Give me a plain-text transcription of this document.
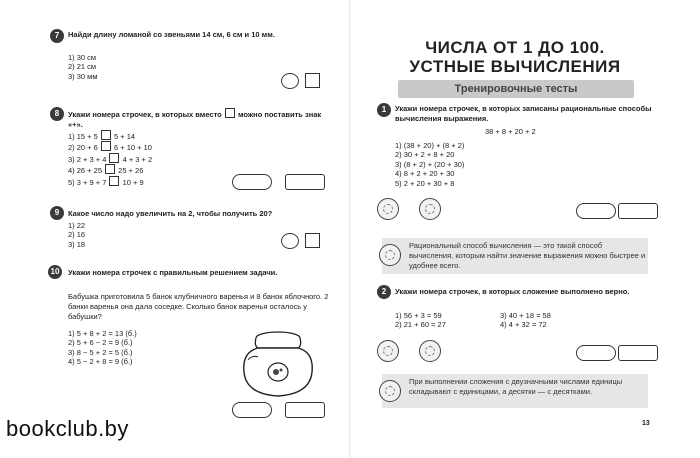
7	Найди длину ломаной со звеньями 14 см, 6 см и 10 мм.
1) 30 см
2) 21 см
3) 30 мм
8	Укажи номера строчек, в которых вместо можно поставить знак «+».
1) 15 + 5 5 + 14
2) 20 + 6 6 + 10 + 10
3) 2 + 3 + 4 4 + 3 + 2
4) 26 + 25 25 + 26
5) 3 + 9 + 7 10 + 9
9	Какое число надо увеличить на 2, чтобы получить 20?
1) 22
2) 16
3) 18
10	Укажи номера строчек с правильным решением задачи.
Бабушка приготовила 5 банок клубничного варенья и 8 банок яблочного. 2 банки варенья она дала соседке. Сколько банок варенья осталось у бабушки?
1) 5 + 8 + 2 = 13 (б.)
2) 5 + 6 − 2 = 9 (б.)
3) 8 − 5 + 2 = 5 (б.)
4) 5 − 2 + 8 = 9 (б.)
bookclub.by
ЧИСЛА ОТ 1 ДО 100.
УСТНЫЕ ВЫЧИСЛЕНИЯ
Тренировочные тесты
1	Укажи номера строчек, в которых записаны рациональные способы вычисления выражения.
38 + 8 + 20 + 2
1) (38 + 20) + (8 + 2)
2) 30 + 2 + 8 + 20
3) (8 + 2) + (20 + 30)
4) 8 + 2 + 20 + 30
5) 2 + 20 + 30 + 8
Рациональный способ вычисления — это такой способ вычисления, которым найти значение выражения можно быстрее и удобнее всего.
2	Укажи номера строчек, в которых сложение выполнено верно.
1) 56 + 3 = 59
2) 21 + 60 = 27
3) 40 + 18 = 58
4) 4 + 32 = 72
При выполнении сложения с двузначными числами единицы складывают с единицами, а десятки — с десятками.
13
